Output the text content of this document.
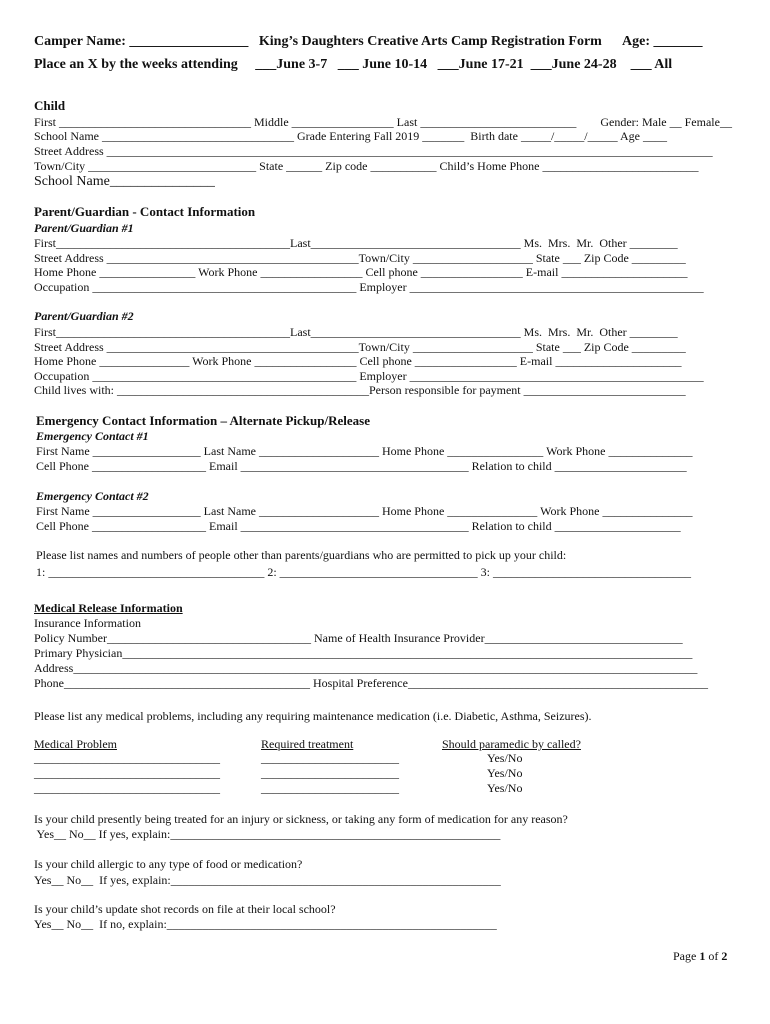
Camper Name: _________________   King’s Daughters Creative Arts Camp Registration Form      Age: _______
Place an X by the weeks attending     ___June 3-7   ___ June 10-14   ___June 17-21  ___June 24-28    ___ All
Child
First ________________________________ Middle _________________ Last __________________________        Gender: Male __ Female__
School Name ________________________________ Grade Entering Fall 2019 _______  Birth date _____/_____/_____ Age ____
Street Address _____________________________________________________________________________________________________
Town/City ____________________________ State ______ Zip code ___________ Child’s Home Phone __________________________
School Name_______________
Parent/Guardian - Contact Information
Parent/Guardian #1
First_______________________________________Last___________________________________ Ms.  Mrs.  Mr.  Other ________
Street Address __________________________________________Town/City ____________________ State ___ Zip Code _________
Home Phone ________________ Work Phone _________________ Cell phone _________________ E-mail _____________________
Occupation ____________________________________________ Employer _________________________________________________
Parent/Guardian #2
First_______________________________________Last___________________________________ Ms.  Mrs.  Mr.  Other ________
Street Address __________________________________________Town/City ____________________ State ___ Zip Code _________
Home Phone _______________ Work Phone _________________ Cell phone _________________ E-mail _____________________
Occupation ____________________________________________ Employer _________________________________________________
Child lives with: __________________________________________Person responsible for payment ___________________________
Emergency Contact Information – Alternate Pickup/Release
Emergency Contact #1
First Name __________________ Last Name ____________________ Home Phone ________________ Work Phone ______________
Cell Phone ___________________ Email ______________________________________ Relation to child ______________________
Emergency Contact #2
First Name __________________ Last Name ____________________ Home Phone _______________ Work Phone _______________
Cell Phone ___________________ Email ______________________________________ Relation to child _____________________
Please list names and numbers of people other than parents/guardians who are permitted to pick up your child:
1: ____________________________________ 2: _________________________________ 3: _________________________________
Medical Release Information
Insurance Information
Policy Number__________________________________ Name of Health Insurance Provider_________________________________
Primary Physician_______________________________________________________________________________________________
Address________________________________________________________________________________________________________
Phone_________________________________________ Hospital Preference__________________________________________________
Please list any medical problems, including any requiring maintenance medication (i.e. Diabetic, Asthma, Seizures).
Medical Problem	Required treatment	Should paramedic by called?
_______________________________	_______________________	Yes/No
_______________________________	_______________________	Yes/No
_______________________________	_______________________	Yes/No
Is your child presently being treated for an injury or sickness, or taking any form of medication for any reason?
Yes__ No__ If yes, explain:_______________________________________________________
Is your child allergic to any type of food or medication?
Yes__ No__  If yes, explain:_______________________________________________________
Is your child’s update shot records on file at their local school?
Yes__ No__  If no, explain:_______________________________________________________
Page 1 of 2
